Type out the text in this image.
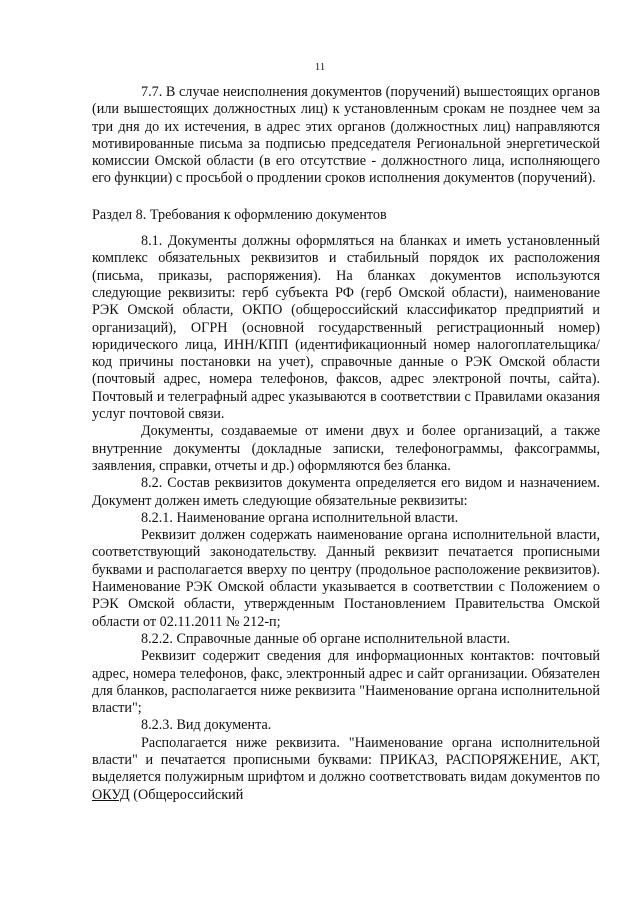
11

7.7. В случае неисполнения документов (поручений) вышестоящих органов (или вышестоящих должностных лиц) к установленным срокам не позднее чем за три дня до их истечения, в адрес этих органов (должностных лиц) направляются мотивированные письма за подписью председателя Региональной энергетической комиссии Омской области (в его отсутствие - должностного лица, исполняющего его функции) с просьбой о продлении сроков исполнения документов (поручений).

Раздел 8. Требования к оформлению документов

8.1. Документы должны оформляться на бланках и иметь установленный комплекс обязательных реквизитов и стабильный порядок их расположения (письма, приказы, распоряжения). На бланках документов используются следующие реквизиты: герб субъекта РФ (герб Омской области), наименование РЭК Омской области, ОКПО (общероссийский классификатор предприятий и организаций), ОГРН (основной государственный регистрационный номер) юридического лица, ИНН/КПП (идентификационный номер налогоплательщика/код причины постановки на учет), справочные данные о РЭК Омской области (почтовый адрес, номера телефонов, факсов, адрес электроной почты, сайта). Почтовый и телеграфный адрес указываются в соответствии с Правилами оказания услуг почтовой связи.

Документы, создаваемые от имени двух и более организаций, а также внутренние документы (докладные записки, телефонограммы, факсограммы, заявления, справки, отчеты и др.) оформляются без бланка.

8.2. Состав реквизитов документа определяется его видом и назначением. Документ должен иметь следующие обязательные реквизиты:

8.2.1. Наименование органа исполнительной власти.

Реквизит должен содержать наименование органа исполнительной власти, соответствующий законодательству. Данный реквизит печатается прописными буквами и располагается вверху по центру (продольное расположение реквизитов). Наименование РЭК Омской области указывается в соответствии с Положением о РЭК Омской области, утвержденным Постановлением Правительства Омской области от 02.11.2011 № 212-п;

8.2.2. Справочные данные об органе исполнительной власти.

Реквизит содержит сведения для информационных контактов: почтовый адрес, номера телефонов, факс, электронный адрес и сайт организации. Обязателен для бланков, располагается ниже реквизита "Наименование органа исполнительной власти";

8.2.3. Вид документа.

Располагается ниже реквизита. "Наименование органа исполнительной власти" и печатается прописными буквами: ПРИКАЗ, РАСПОРЯЖЕНИЕ, АКТ, выделяется полужирным шрифтом и должно соответствовать видам документов по ОКУД (Общероссийский
